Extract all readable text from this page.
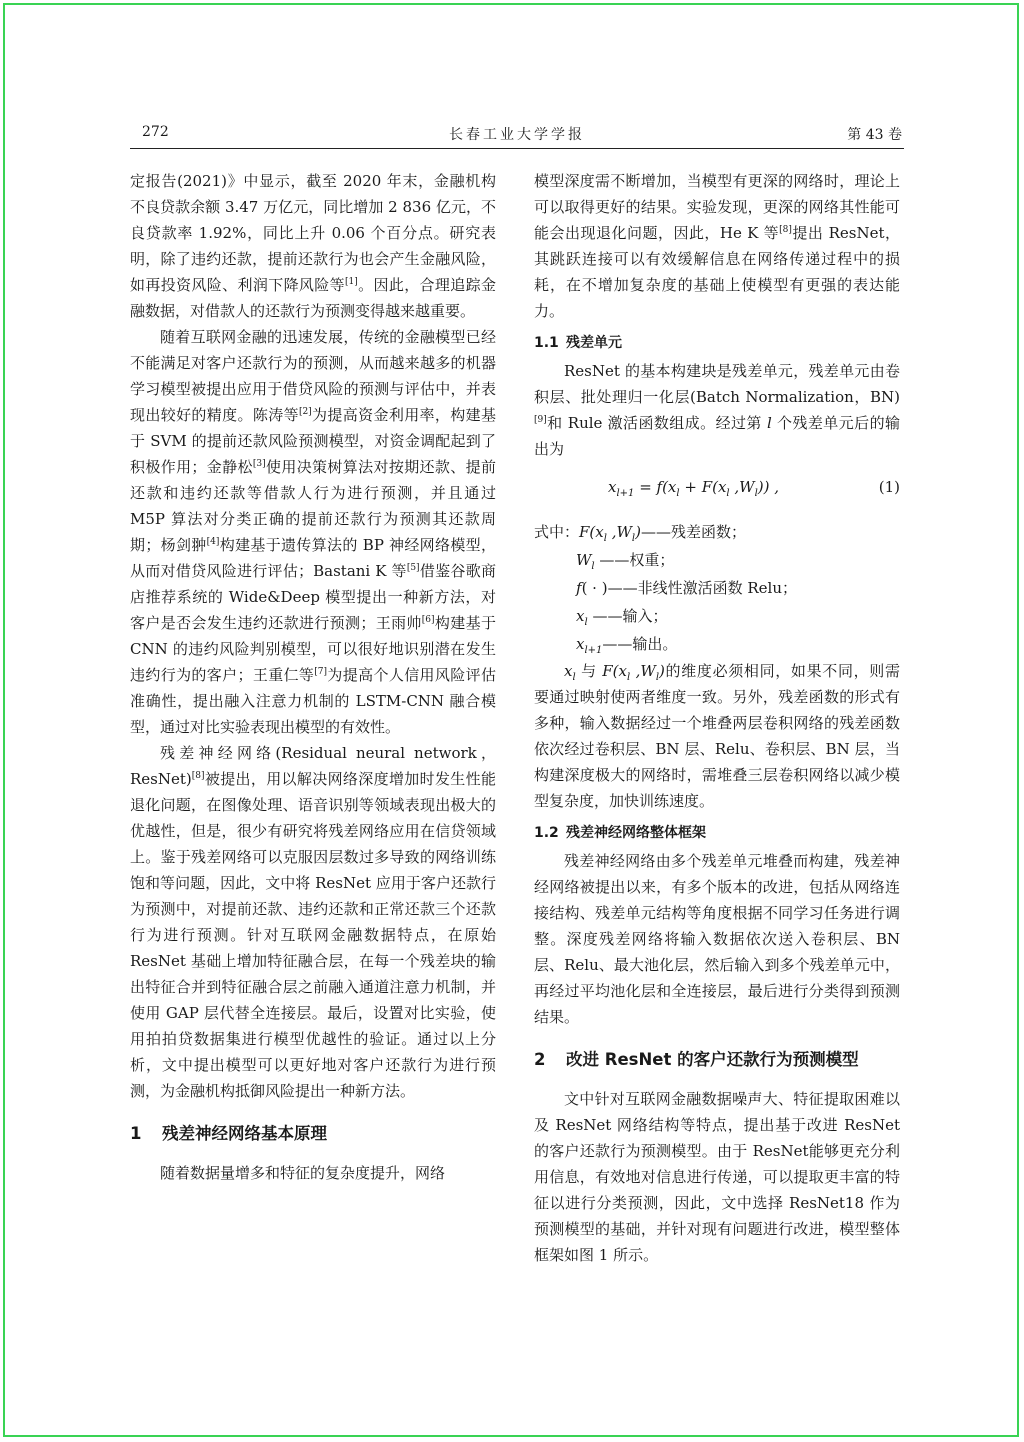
272	长春工业大学学报	第 43 卷

定报告(2021)》中显示，截至 2020 年末，金融机构不良贷款余额 3.47 万亿元，同比增加 2 836 亿元，不良贷款率 1.92%，同比上升 0.06 个百分点。研究表明，除了违约还款，提前还款行为也会产生金融风险，如再投资风险、利润下降风险等[1]。因此，合理追踪金融数据，对借款人的还款行为预测变得越来越重要。

随着互联网金融的迅速发展，传统的金融模型已经不能满足对客户还款行为的预测，从而越来越多的机器学习模型被提出应用于借贷风险的预测与评估中，并表现出较好的精度。陈涛等[2]为提高资金利用率，构建基于 SVM 的提前还款风险预测模型，对资金调配起到了积极作用；金静松[3]使用决策树算法对按期还款、提前还款和违约还款等借款人行为进行预测，并且通过 M5P 算法对分类正确的提前还款行为预测其还款周期；杨剑翀[4]构建基于遗传算法的 BP 神经网络模型，从而对借贷风险进行评估；Bastani K 等[5]借鉴谷歌商店推荐系统的 Wide&Deep 模型提出一种新方法，对客户是否会发生违约还款进行预测；王雨帅[6]构建基于 CNN 的违约风险判别模型，可以很好地识别潜在发生违约行为的客户；王重仁等[7]为提高个人信用风险评估准确性，提出融入注意力机制的 LSTM-CNN 融合模型，通过对比实验表现出模型的有效性。

残差神经网络(Residual neural network，ResNet)[8]被提出，用以解决网络深度增加时发生性能退化问题，在图像处理、语音识别等领域表现出极大的优越性，但是，很少有研究将残差网络应用在信贷领域上。鉴于残差网络可以克服因层数过多导致的网络训练饱和等问题，因此，文中将 ResNet 应用于客户还款行为预测中，对提前还款、违约还款和正常还款三个还款行为进行预测。针对互联网金融数据特点，在原始 ResNet 基础上增加特征融合层，在每一个残差块的输出特征合并到特征融合层之前融入通道注意力机制，并使用 GAP 层代替全连接层。最后，设置对比实验，使用拍拍贷数据集进行模型优越性的验证。通过以上分析，文中提出模型可以更好地对客户还款行为进行预测，为金融机构抵御风险提出一种新方法。

1 残差神经网络基本原理

随着数据量增多和特征的复杂度提升，网络

模型深度需不断增加，当模型有更深的网络时，理论上可以取得更好的结果。实验发现，更深的网络其性能可能会出现退化问题，因此，He K 等[8]提出 ResNet，其跳跃连接可以有效缓解信息在网络传递过程中的损耗，在不增加复杂度的基础上使模型有更强的表达能力。

1.1 残差单元

ResNet 的基本构建块是残差单元，残差单元由卷积层、批处理归一化层(Batch Normalization，BN)[9]和 Rule 激活函数组成。经过第 l 个残差单元后的输出为

$x_{l+1} = f(x_l + F(x_l$ $,W_l$)) ,	(1)

式中：$F(x_l$ $,W_l)——$残差函数；

$W_l$ ——权重；

f( · )——非线性激活函数 Relu；

$x_l$ ——输入；

$x_{l+1}——$输出。

$x_l$ 与 $F(x_l$ $,W_l$)的维度必须相同，如果不同，则需要通过映射使两者维度一致。另外，残差函数的形式有多种，输入数据经过一个堆叠两层卷积网络的残差函数依次经过卷积层、BN 层、Relu、卷积层、BN 层，当构建深度极大的网络时，需堆叠三层卷积网络以减少模型复杂度，加快训练速度。

1.2 残差神经网络整体框架

残差神经网络由多个残差单元堆叠而构建，残差神经网络被提出以来，有多个版本的改进，包括从网络连接结构、残差单元结构等角度根据不同学习任务进行调整。深度残差网络将输入数据依次送入卷积层、BN 层、Relu、最大池化层，然后输入到多个残差单元中，再经过平均池化层和全连接层，最后进行分类得到预测结果。

2 改进 ResNet 的客户还款行为预测模型

文中针对互联网金融数据噪声大、特征提取困难以及 ResNet 网络结构等特点，提出基于改进 ResNet 的客户还款行为预测模型。由于 ResNet能够更充分利用信息，有效地对信息进行传递，可以提取更丰富的特征以进行分类预测，因此，文中选择 ResNet18 作为预测模型的基础，并针对现有问题进行改进，模型整体框架如图 1 所示。
